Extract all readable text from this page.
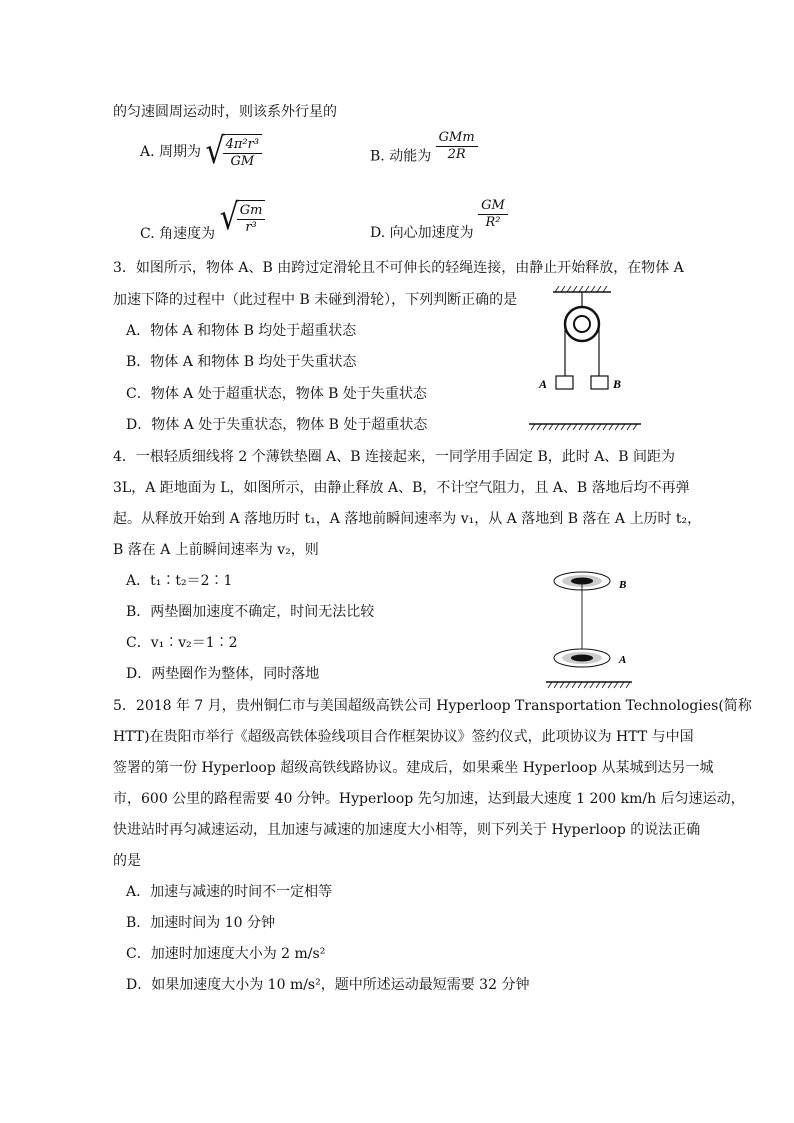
的匀速圆周运动时，则该系外行星的
A. 周期为 √
$\frac{\text{4π²r³}}{GM}$	B. 动能为 $\frac{\text{GMm}}{2R}$
C. 角速度为 √
$\frac{Gm}{\text{r³}}$	D. 向心加速度为
$\frac{GM}{\text{R²}}$
3．如图所示，物体 A、B 由跨过定滑轮且不可伸长的轻绳连接，由静止开始释放，在物体 A
加速下降的过程中（此过程中 B 未碰到滑轮），下列判断正确的是
A．物体 A 和物体 B 均处于超重状态
B．物体 A 和物体 B 均处于失重状态
C．物体 A 处于超重状态，物体 B 处于失重状态
D．物体 A 处于失重状态，物体 B 处于超重状态
A	B
4．一根轻质细线将 2 个薄铁垫圈 A、B 连接起来，一同学用手固定 B，此时 A、B 间距为
3L，A 距地面为 L，如图所示，由静止释放 A、B，不计空气阻力，且 A、B 落地后均不再弹
起。从释放开始到 A 落地历时 t₁，A 落地前瞬间速率为 v₁，从 A 落地到 B 落在 A 上历时 t₂，
B 落在 A 上前瞬间速率为 v₂，则
A．t₁∶t₂＝2∶1
B．两垫圈加速度不确定，时间无法比较
C．v₁∶v₂＝1∶2
D．两垫圈作为整体，同时落地
B
A
5．2018 年 7 月，贵州铜仁市与美国超级高铁公司 Hyperloop Transportation Technologies(简称
HTT)在贵阳市举行《超级高铁体验线项目合作框架协议》签约仪式，此项协议为 HTT 与中国
签署的第一份 Hyperloop 超级高铁线路协议。建成后，如果乘坐 Hyperloop 从某城到达另一城
市，600 公里的路程需要 40 分钟。Hyperloop 先匀加速，达到最大速度 1 200 km/h 后匀速运动，
快进站时再匀减速运动，且加速与减速的加速度大小相等，则下列关于 Hyperloop 的说法正确
的是
A．加速与减速的时间不一定相等
B．加速时间为 10 分钟
C．加速时加速度大小为 2 m/s²
D．如果加速度大小为 10 m/s²，题中所述运动最短需要 32 分钟
